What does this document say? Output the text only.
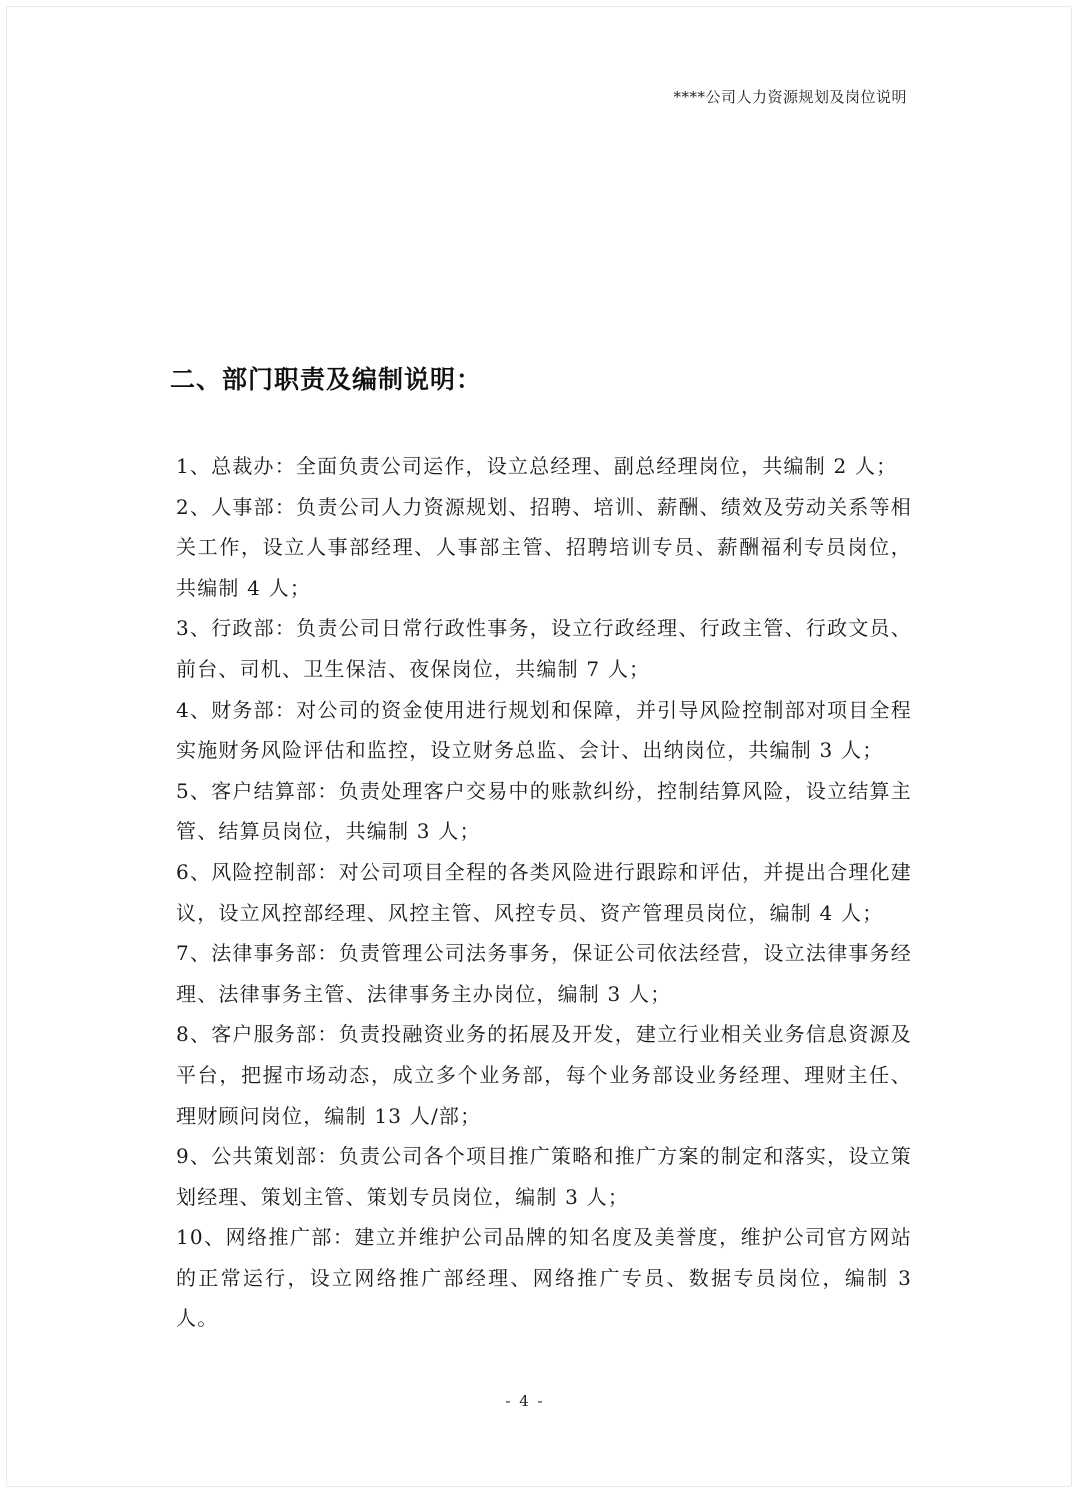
****公司人力资源规划及岗位说明
二、部门职责及编制说明：

1、总裁办：全面负责公司运作，设立总经理、副总经理岗位，共编制 2 人；

2、人事部：负责公司人力资源规划、招聘、培训、薪酬、绩效及劳动关系等相关工作，设立人事部经理、人事部主管、招聘培训专员、薪酬福利专员岗位，共编制 4 人；

3、行政部：负责公司日常行政性事务，设立行政经理、行政主管、行政文员、前台、司机、卫生保洁、夜保岗位，共编制 7 人；

4、财务部：对公司的资金使用进行规划和保障，并引导风险控制部对项目全程实施财务风险评估和监控，设立财务总监、会计、出纳岗位，共编制 3 人；

5、客户结算部：负责处理客户交易中的账款纠纷，控制结算风险，设立结算主管、结算员岗位，共编制 3 人；

6、风险控制部：对公司项目全程的各类风险进行跟踪和评估，并提出合理化建议，设立风控部经理、风控主管、风控专员、资产管理员岗位，编制 4 人；

7、法律事务部：负责管理公司法务事务，保证公司依法经营，设立法律事务经理、法律事务主管、法律事务主办岗位，编制 3 人；

8、客户服务部：负责投融资业务的拓展及开发，建立行业相关业务信息资源及平台，把握市场动态，成立多个业务部，每个业务部设业务经理、理财主任、理财顾问岗位，编制 13 人/部；

9、公共策划部：负责公司各个项目推广策略和推广方案的制定和落实，设立策划经理、策划主管、策划专员岗位，编制 3 人；

10、网络推广部：建立并维护公司品牌的知名度及美誉度，维护公司官方网站的正常运行，设立网络推广部经理、网络推广专员、数据专员岗位，编制 3 人。

- 4 -
